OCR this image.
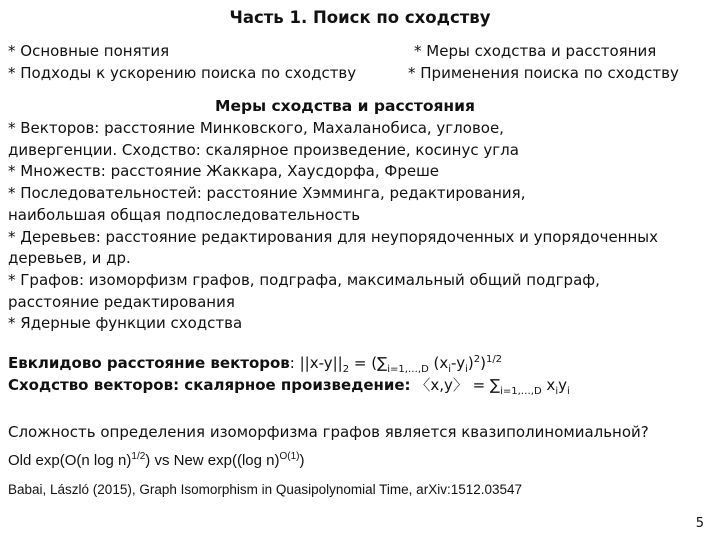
Часть 1. Поиск по сходству
* Основные понятия
* Подходы к ускорению поиска по сходству
* Меры сходства и расстояния
* Применения поиска по сходству
Меры сходства и расстояния
* Векторов: расстояние Минковского, Махаланобиса, угловое,
дивергенции. Сходство: скалярное произведение, косинус угла
* Множеств: расстояние Жаккара, Хаусдорфа, Фреше
* Последовательностей: расстояние Хэмминга, редактирования,
наибольшая общая подпоследовательность
* Деревьев: расстояние редактирования для неупорядоченных и упорядоченных
деревьев, и др.
* Графов: изоморфизм графов, подграфа, максимальный общий подграф,
расстояние редактирования
* Ядерные функции сходства
Евклидово расстояние векторов: $||x-y||_2 = (\sum_{i=1,\dots,D}$ $(x_i-y_i)^2)^{1/2}$
Сходство векторов: скалярное произведение: 〈x,y〉 = $\sum_{i=1,\dots,D}$ $x_iy_i$
Сложность определения изоморфизма графов является квазиполиномиальной?
Old exp(O(n log n)$^{1/2}$) vs New exp((log n)$^{O(1)}$)
Babai, László (2015), Graph Isomorphism in Quasipolynomial Time, arXiv:1512.03547
5
